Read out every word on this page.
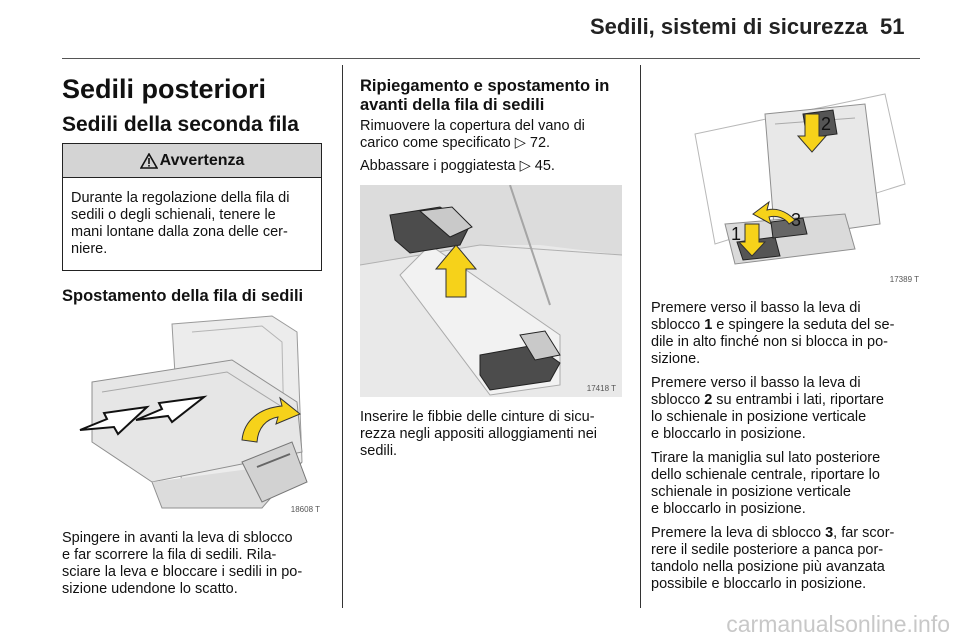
Sedili, sistemi di sicurezza 51
Sedili posteriori
Sedili della seconda fila
Avvertenza
Durante la regolazione della fila di
sedili o degli schienali, tenere le
mani lontane dalla zona delle cer-
niere.
Spostamento della fila di sedili
18608 T
Spingere in avanti la leva di sblocco
e far scorrere la fila di sedili. Rila-
sciare la leva e bloccare i sedili in po-
sizione udendone lo scatto.
Ripiegamento e spostamento in
avanti della fila di sedili
Rimuovere la copertura del vano di
carico come specificato ▷ 72.
Abbassare i poggiatesta ▷ 45.
17418 T
Inserire le fibbie delle cinture di sicu-
rezza negli appositi alloggiamenti nei
sedili.
2
1
3
17389 T

Premere verso il basso la leva di
sblocco 1 e spingere la seduta del se-
dile in alto finché non si blocca in po-
sizione.

Premere verso il basso la leva di
sblocco 2 su entrambi i lati, riportare
lo schienale in posizione verticale
e bloccarlo in posizione.

Tirare la maniglia sul lato posteriore
dello schienale centrale, riportare lo
schienale in posizione verticale
e bloccarlo in posizione.

Premere la leva di sblocco 3, far scor-
rere il sedile posteriore a panca por-
tandolo nella posizione più avanzata
possibile e bloccarlo in posizione.

carmanualsonline.info
